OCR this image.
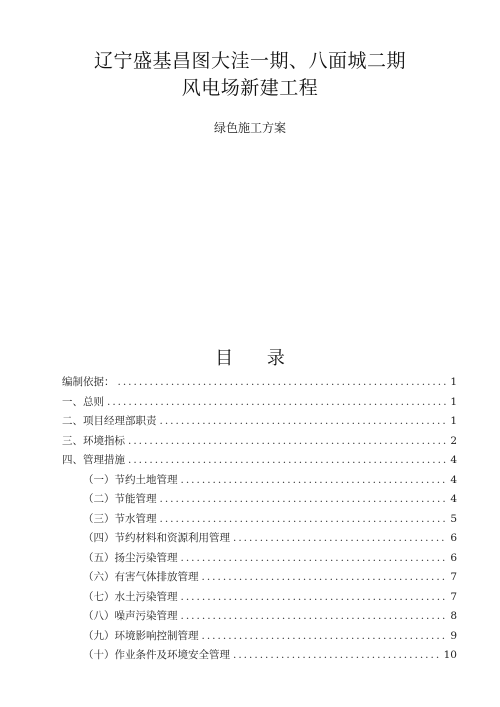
辽宁盛基昌图大洼一期、八面城二期
风电场新建工程
绿色施工方案
目 录
编制依据： .....	1
一、总则 .....	1
二、项目经理部职责 .....	1
三、环境指标 .....	2
四、管理措施 .....	4
（一）节约土地管理 .....	4
（二）节能管理 .....	4
（三）节水管理 .....	5
（四）节约材料和资源利用管理 .....	6
（五）扬尘污染管理 .....	6
（六）有害气体排放管理 .....	7
（七）水土污染管理 .....	7
（八）噪声污染管理 .....	8
（九）环境影响控制管理 .....	9
（十）作业条件及环境安全管理 .....	10
